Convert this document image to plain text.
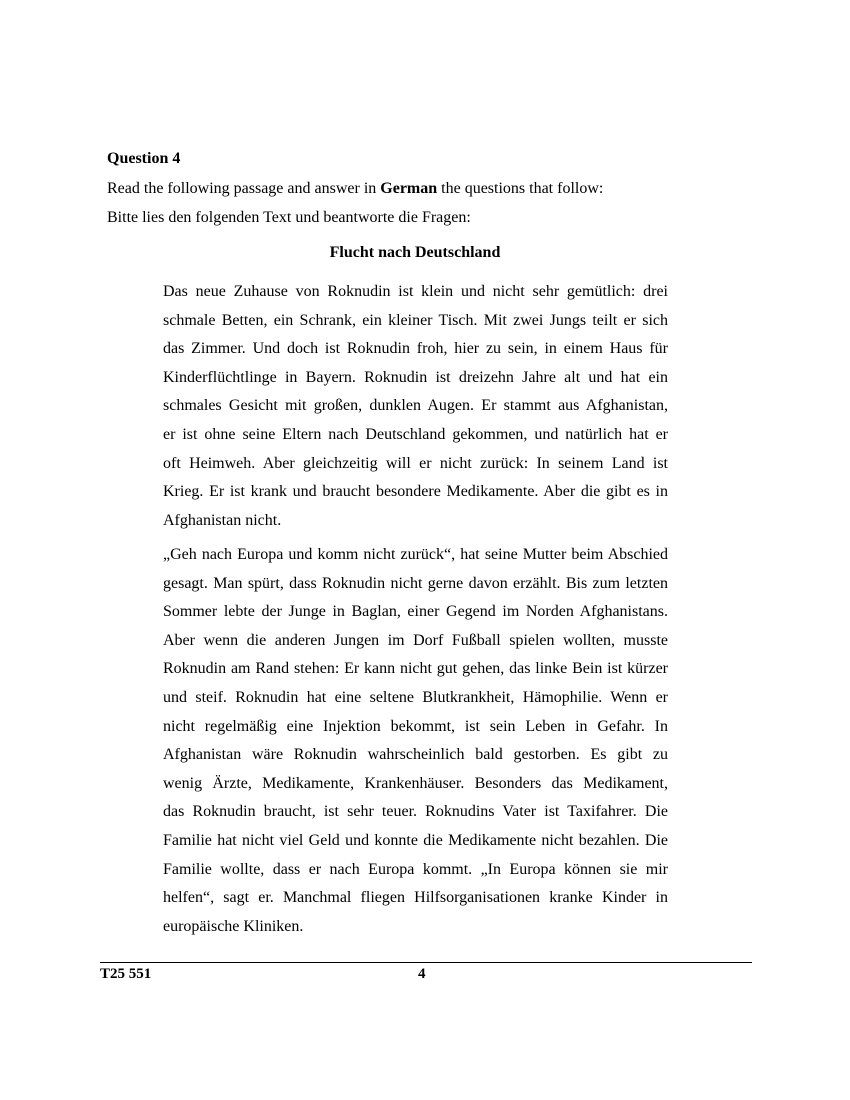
Question 4
Read the following passage and answer in German the questions that follow:
Bitte lies den folgenden Text und beantworte die Fragen:
Flucht nach Deutschland
Das neue Zuhause von Roknudin ist klein und nicht sehr gemütlich: drei
schmale Betten, ein Schrank, ein kleiner Tisch. Mit zwei Jungs teilt er sich
das Zimmer. Und doch ist Roknudin froh, hier zu sein, in einem Haus für
Kinderflüchtlinge in Bayern. Roknudin ist dreizehn Jahre alt und hat ein
schmales Gesicht mit großen, dunklen Augen. Er stammt aus Afghanistan,
er ist ohne seine Eltern nach Deutschland gekommen, und natürlich hat er
oft Heimweh. Aber gleichzeitig will er nicht zurück: In seinem Land ist
Krieg. Er ist krank und braucht besondere Medikamente. Aber die gibt es in
Afghanistan nicht.
„Geh nach Europa und komm nicht zurück“, hat seine Mutter beim Abschied
gesagt. Man spürt, dass Roknudin nicht gerne davon erzählt. Bis zum letzten
Sommer lebte der Junge in Baglan, einer Gegend im Norden Afghanistans.
Aber wenn die anderen Jungen im Dorf Fußball spielen wollten, musste
Roknudin am Rand stehen: Er kann nicht gut gehen, das linke Bein ist kürzer
und steif. Roknudin hat eine seltene Blutkrankheit, Hämophilie. Wenn er
nicht regelmäßig eine Injektion bekommt, ist sein Leben in Gefahr. In
Afghanistan wäre Roknudin wahrscheinlich bald gestorben. Es gibt zu
wenig Ärzte, Medikamente, Krankenhäuser. Besonders das Medikament,
das Roknudin braucht, ist sehr teuer. Roknudins Vater ist Taxifahrer. Die
Familie hat nicht viel Geld und konnte die Medikamente nicht bezahlen. Die
Familie wollte, dass er nach Europa kommt. „In Europa können sie mir
helfen“, sagt er. Manchmal fliegen Hilfsorganisationen kranke Kinder in
europäische Kliniken.
T25 551	4
